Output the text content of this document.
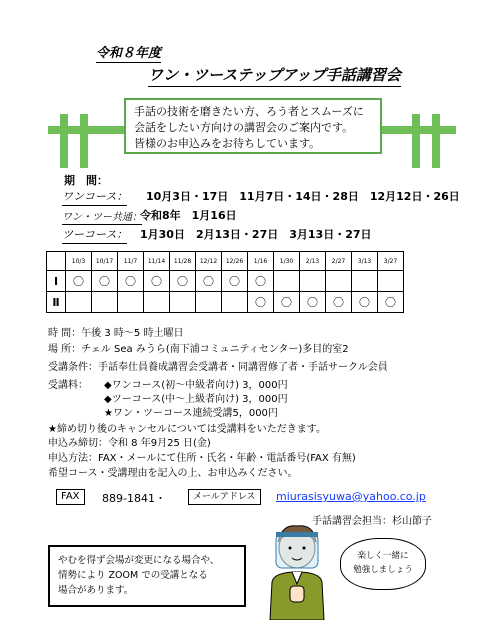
令和８年度
ワン・ツーステップアップ手話講習会
手話の技術を磨きたい方、ろう者とスムーズに
会話をしたい方向けの講習会のご案内です。
皆様のお申込みをお待ちしています。
期　間：
ワンコース： 10月3日・17日　11月7日・14日・28日　12月12日・26日
ワン・ツー共通：
令和8年　1月16日
ツーコース： 1月30日　2月13日・27日　3月13日・27日
	10/3	10/17	11/7	11/14	11/28	12/12	12/26	1/16	1/30	2/13	2/27	3/13	3/27
Ⅰ	〇	〇	〇	〇	〇	〇	〇	〇					
Ⅱ								〇	〇	〇	〇	〇	〇
時 間：午後 3 時～5 時土曜日
場 所：チェル Sea みうら(南下浦コミュニティセンター)多目的室2
受講条件：手話奉仕員養成講習会受講者・同講習修了者・手話サークル会員
受講料： ◆ワンコース(初～中級者向け) 3，000円
◆ツーコース(中～上級者向け) 3，000円
★ワン・ツーコース連続受講5，000円
★締め切り後のキャンセルについては受講料をいただきます。
申込み締切：令和 8 年9月25 日(金)
申込方法：FAX・メールにて住所・氏名・年齢・電話番号(FAX 有無)
希望コース・受講理由を記入の上、お申込みください。
FAX	889-1841・	メールアドレス	miurasisyuwa@yahoo.co.jp
手話講習会担当：杉山節子
やむを得ず会場が変更になる場合や、
情勢により ZOOM での受講となる
場合があります。
楽しく一緒に
勉強しましょう
